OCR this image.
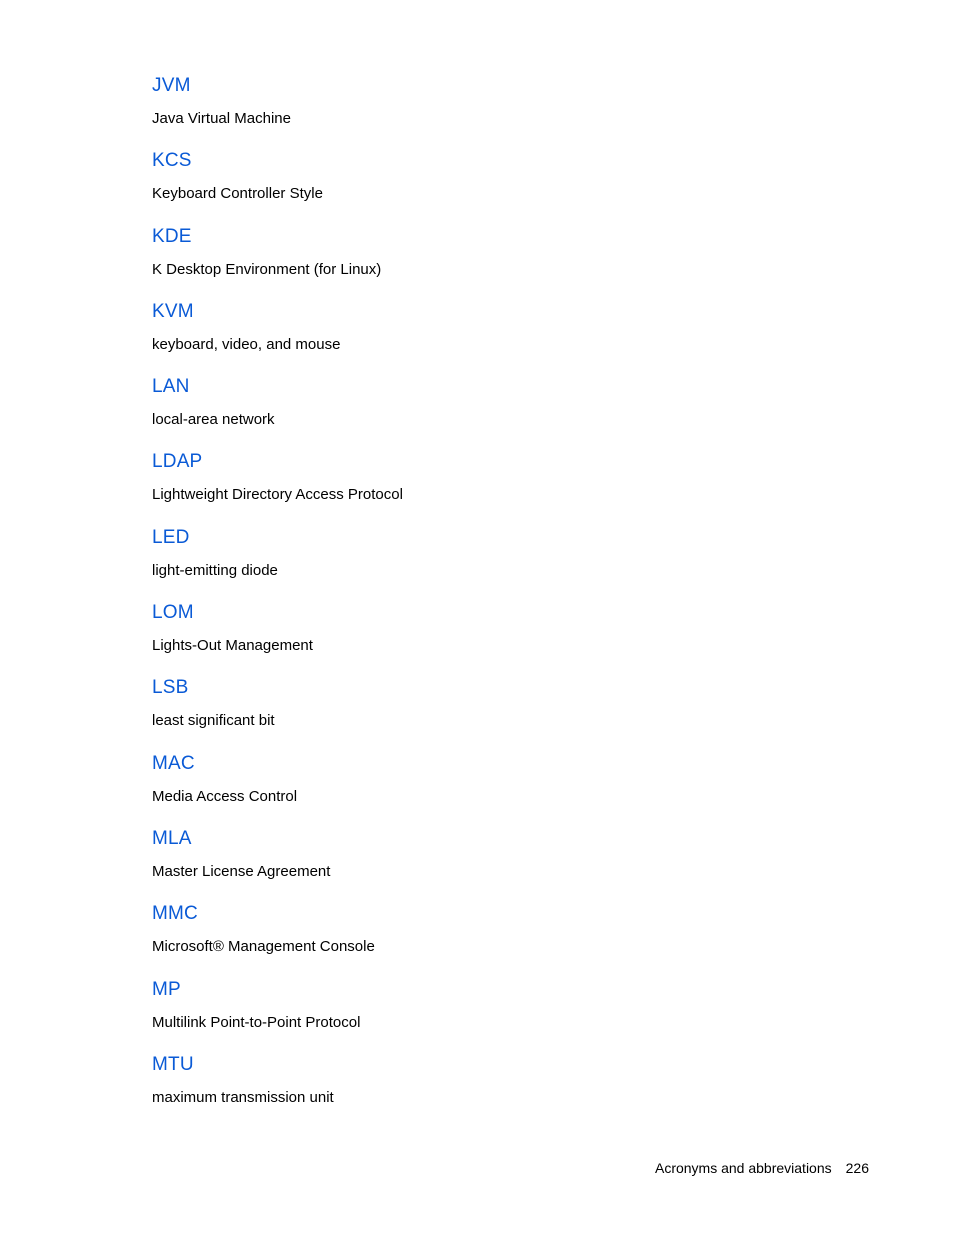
JVM
Java Virtual Machine
KCS
Keyboard Controller Style
KDE
K Desktop Environment (for Linux)
KVM
keyboard, video, and mouse
LAN
local-area network
LDAP
Lightweight Directory Access Protocol
LED
light-emitting diode
LOM
Lights-Out Management
LSB
least significant bit
MAC
Media Access Control
MLA
Master License Agreement
MMC
Microsoft® Management Console
MP
Multilink Point-to-Point Protocol
MTU
maximum transmission unit
Acronyms and abbreviations 226
